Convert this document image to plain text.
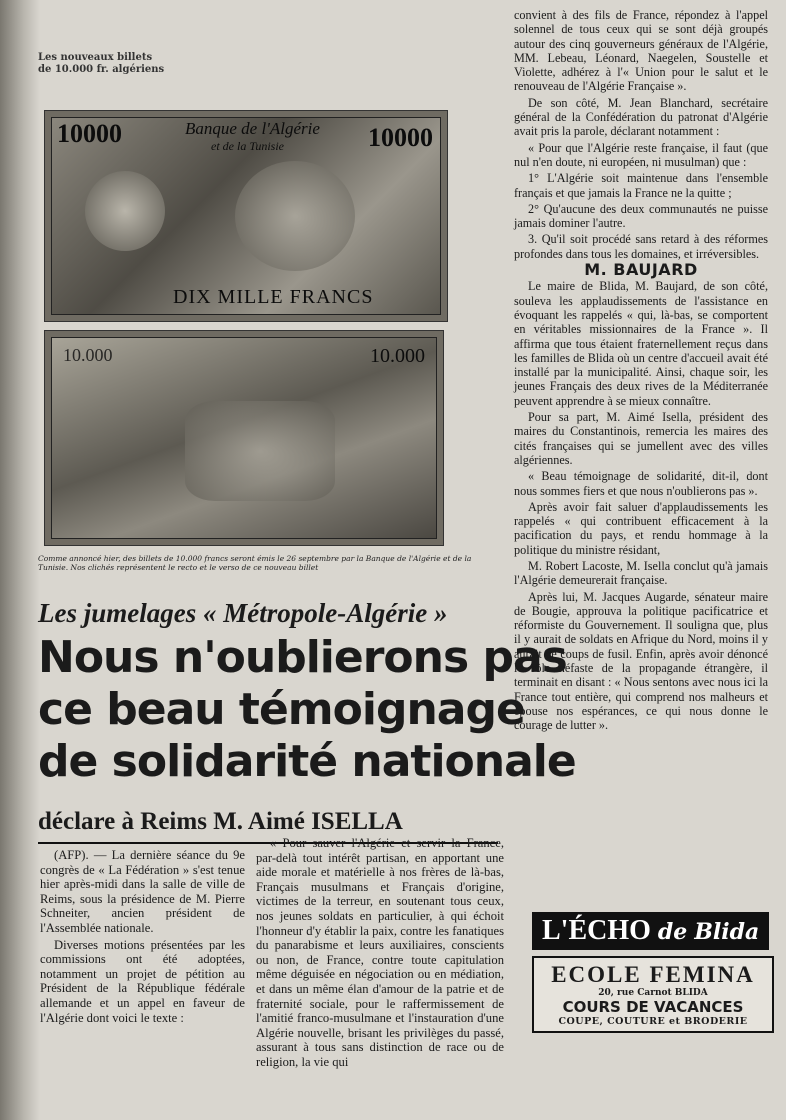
Les nouveaux billets
de 10.000 fr. algériens
10000	10000
Banque de l'Algérie
et de la Tunisie
DIX MILLE FRANCS
10.000
10.000
Comme annoncé hier, des billets de 10.000 francs seront émis le 26 septembre par la Banque de l'Algérie et de la Tunisie. Nos clichés représentent le recto et le verso de ce nouveau billet
Les jumelages « Métropole-Algérie »
Nous n'oublierons pas
ce beau témoignage
de solidarité nationale
déclare à Reims M. Aimé ISELLA

(AFP). — La dernière séance du 9e congrès de « La Fédération » s'est tenue hier après-midi dans la salle de ville de Reims, sous la présidence de M. Pierre Schneiter, ancien président de l'Assemblée nationale.

Diverses motions présentées par les commissions ont été adoptées, notamment un projet de pétition au Président de la République fédérale allemande et un appel en faveur de l'Algérie dont voici le texte :

« Pour sauver l'Algérie et servir la France, par-delà tout intérêt partisan, en apportant une aide morale et matérielle à nos frères de là-bas, Français musulmans et Français d'origine, victimes de la terreur, en soutenant tous ceux, nos jeunes soldats en particulier, à qui échoit l'honneur d'y établir la paix, contre les fanatiques du panarabisme et leurs auxiliaires, conscients ou non, de France, contre toute capitulation même déguisée en négociation ou en médiation, et dans un même élan d'amour de la patrie et de fraternité sociale, pour le raffermissement de l'amitié franco-musulmane et l'instauration d'une Algérie nouvelle, brisant les privilèges du passé, assurant à tous sans distinction de race ou de religion, la vie qui

convient à des fils de France, répondez à l'appel solennel de tous ceux qui se sont déjà groupés autour des cinq gouverneurs généraux de l'Algérie, MM. Lebeau, Léonard, Naegelen, Soustelle et Violette, adhérez à l'« Union pour le salut et le renouveau de l'Algérie Française ».

De son côté, M. Jean Blanchard, secrétaire général de la Confédération du patronat d'Algérie avait pris la parole, déclarant notamment :

« Pour que l'Algérie reste française, il faut (que nul n'en doute, ni européen, ni musulman) que :

1° L'Algérie soit maintenue dans l'ensemble français et que jamais la France ne la quitte ;

2° Qu'aucune des deux communautés ne puisse jamais dominer l'autre.

3. Qu'il soit procédé sans retard à des réformes profondes dans tous les domaines, et irréversibles.

M. BAUJARD

Le maire de Blida, M. Baujard, de son côté, souleva les applaudissements de l'assistance en évoquant les rappelés « qui, là-bas, se comportent en véritables missionnaires de la France ». Il affirma que tous étaient fraternellement reçus dans les familles de Blida où un centre d'accueil avait été installé par la municipalité. Ainsi, chaque soir, les jeunes Français des deux rives de la Méditerranée peuvent apprendre à se mieux connaître.

Pour sa part, M. Aimé Isella, président des maires du Constantinois, remercia les maires des cités françaises qui se jumellent avec des villes algériennes.

« Beau témoignage de solidarité, dit-il, dont nous sommes fiers et que nous n'oublierons pas ».

Après avoir fait saluer d'applaudissements les rappelés « qui contribuent efficacement à la pacification du pays, et rendu hommage à la politique du ministre résidant,

M. Robert Lacoste, M. Isella conclut qu'à jamais l'Algérie demeurerait française.

Après lui, M. Jacques Augarde, sénateur maire de Bougie, approuva la politique pacificatrice et réformiste du Gouvernement. Il souligna que, plus il y aurait de soldats en Afrique du Nord, moins il y aurait de coups de fusil. Enfin, après avoir dénoncé le rôle néfaste de la propagande étrangère, il terminait en disant : « Nous sentons avec nous ici la France tout entière, qui comprend nos malheurs et épouse nos espérances, ce qui nous donne le courage de lutter ».

L'ÉCHO de Blida
ECOLE FEMINA
20, rue Carnot BLIDA
COURS DE VACANCES
COUPE, COUTURE et BRODERIE
